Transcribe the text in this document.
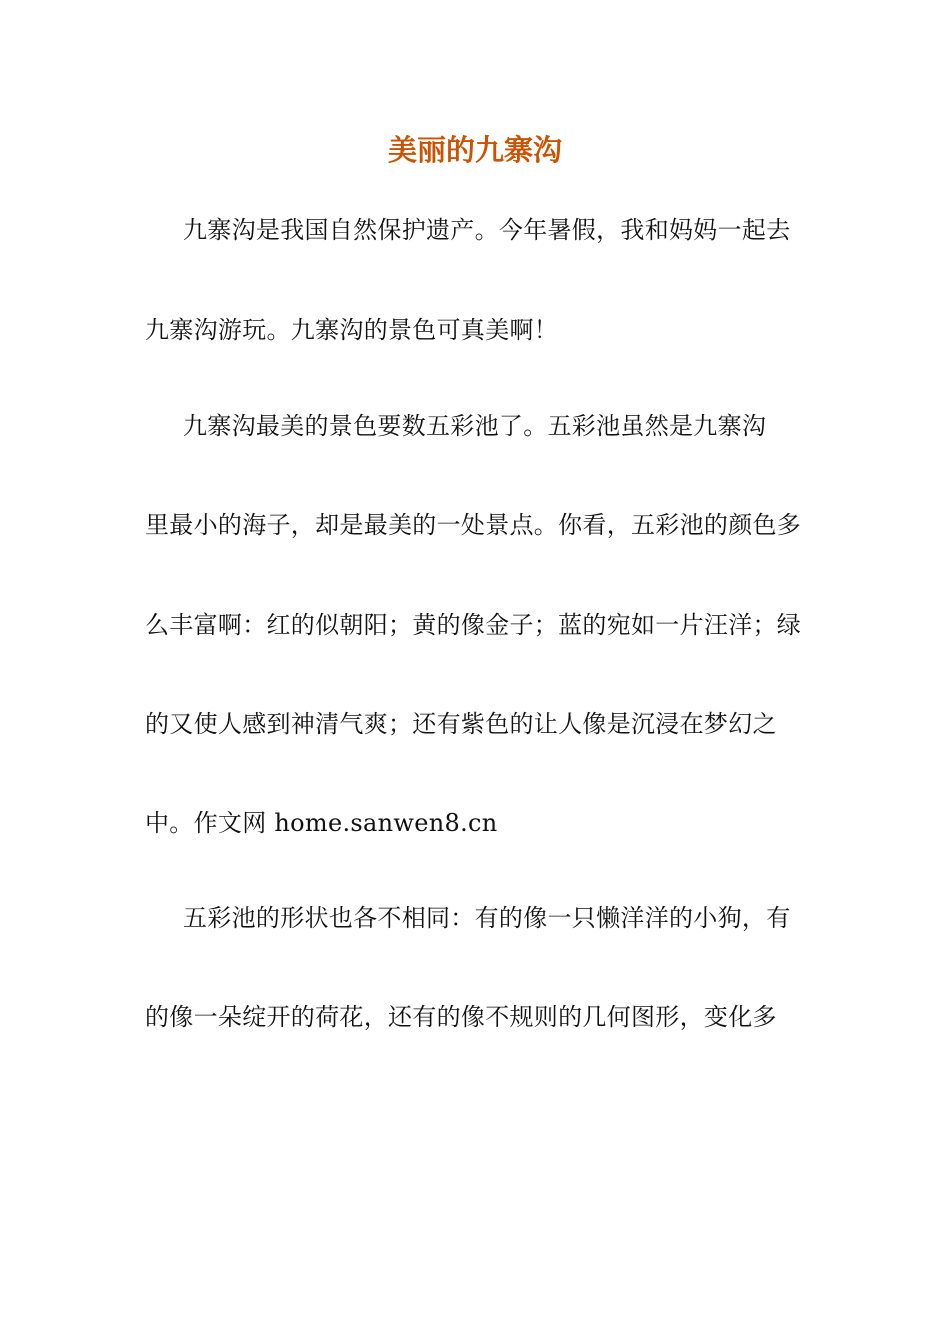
美丽的九寨沟

九寨沟是我国自然保护遗产。今年暑假，我和妈妈一起去

九寨沟游玩。九寨沟的景色可真美啊！

九寨沟最美的景色要数五彩池了。五彩池虽然是九寨沟

里最小的海子，却是最美的一处景点。你看，五彩池的颜色多

么丰富啊：红的似朝阳；黄的像金子；蓝的宛如一片汪洋；绿

的又使人感到神清气爽；还有紫色的让人像是沉浸在梦幻之

中。作文网 home.sanwen8.cn

五彩池的形状也各不相同：有的像一只懒洋洋的小狗，有

的像一朵绽开的荷花，还有的像不规则的几何图形，变化多
